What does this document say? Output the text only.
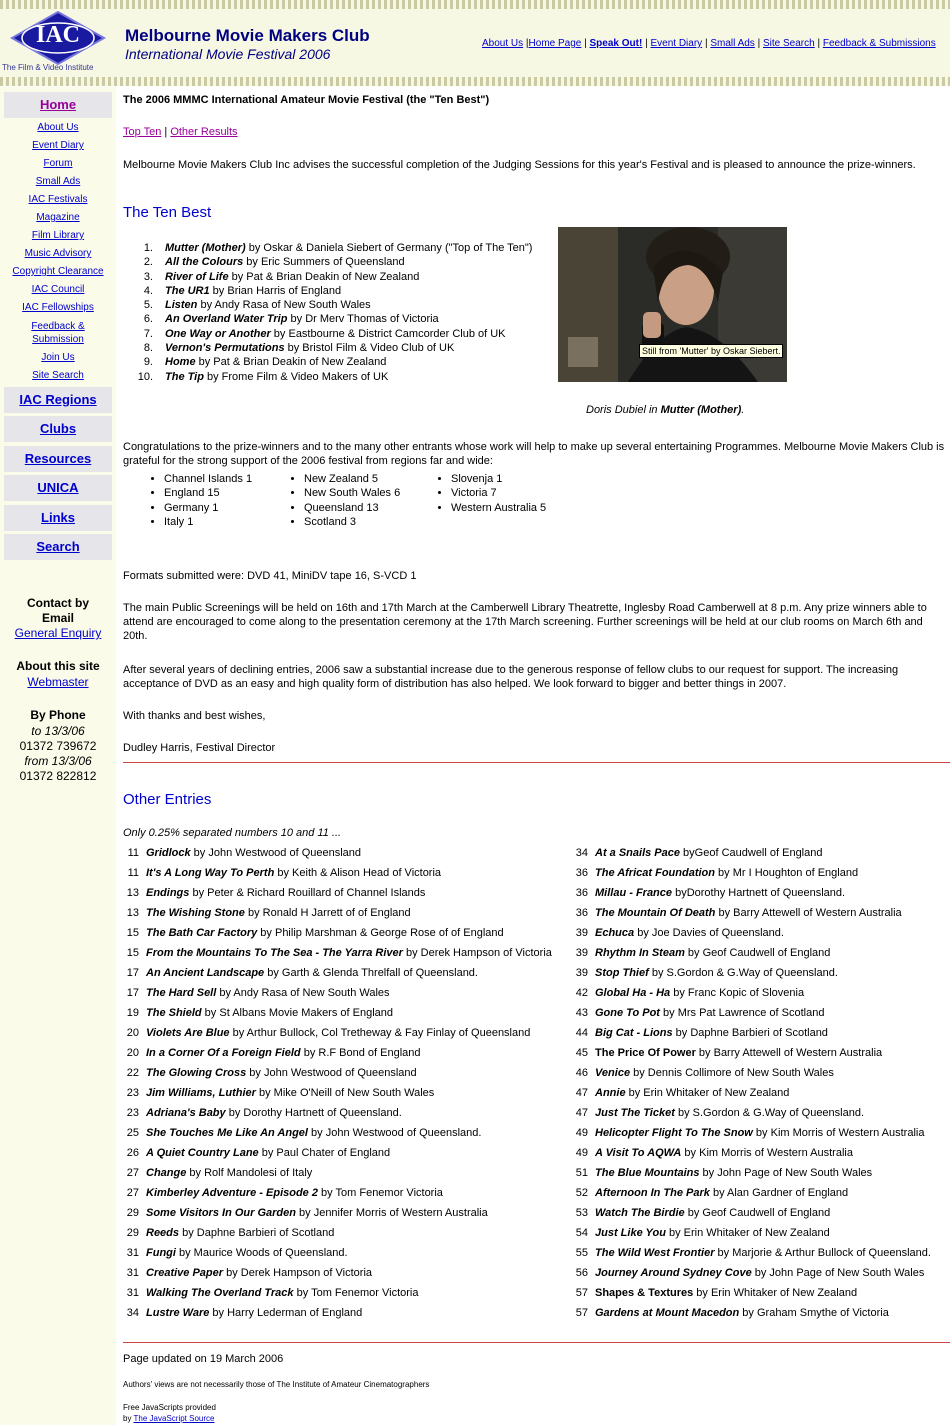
IAC
The Film & Video Institute
Melbourne Movie Makers Club
International Movie Festival 2006
About Us |Home Page | Speak Out! | Event Diary | Small Ads | Site Search | Feedback & Submissions
Home
About Us
Event Diary
Forum
Small Ads
IAC Festivals
Magazine
Film Library
Music Advisory
Copyright Clearance
IAC Council
IAC Fellowships
Feedback &
Submission
Join Us
Site Search
IAC Regions
Clubs
Resources
UNICA
Links
Search
Contact by
Email
General Enquiry
About this site
Webmaster
By Phone
to 13/3/06
01372 739672
from 13/3/06
01372 822812
The 2006 MMMC International Amateur Movie Festival (the "Ten Best")
Top Ten | Other Results
Melbourne Movie Makers Club Inc advises the successful completion of the Judging Sessions for this year's Festival and is pleased to announce the prize-winners.
The Ten Best
1. Mutter (Mother) by Oskar & Daniela Siebert of Germany ("Top of The Ten")
2. All the Colours by Eric Summers of Queensland
3. River of Life by Pat & Brian Deakin of New Zealand
4. The UR1 by Brian Harris of England
5. Listen by Andy Rasa of New South Wales
6. An Overland Water Trip by Dr Merv Thomas of Victoria
7. One Way or Another by Eastbourne & District Camcorder Club of UK
8. Vernon's Permutations by Bristol Film & Video Club of UK
9. Home by Pat & Brian Deakin of New Zealand
10. The Tip by Frome Film & Video Makers of UK
Still from 'Mutter' by Oskar Siebert.
Doris Dubiel in Mutter (Mother).
Congratulations to the prize-winners and to the many other entrants whose work will help to make up several entertaining Programmes. Melbourne Movie Makers Club is grateful for the strong support of the 2006 festival from regions far and wide:
• Channel Islands 1
• England 15
• Germany 1
• Italy 1
• New Zealand 5
• New South Wales 6
• Queensland 13
• Scotland 3
• Slovenja 1
• Victoria 7
• Western Australia 5
Formats submitted were: DVD 41, MiniDV tape 16, S-VCD 1
The main Public Screenings will be held on 16th and 17th March at the Camberwell Library Theatrette, Inglesby Road Camberwell at 8 p.m. Any prize winners able to attend are encouraged to come along to the presentation ceremony at the 17th March screening. Further screenings will be held at our club rooms on March 6th and 20th.
After several years of declining entries, 2006 saw a substantial increase due to the generous response of fellow clubs to our request for support. The increasing acceptance of DVD as an easy and high quality form of distribution has also helped. We look forward to bigger and better things in 2007.
With thanks and best wishes,
Dudley Harris, Festival Director
Other Entries
Only 0.25% separated numbers 10 and 11 ...
11 Gridlock by John Westwood of Queensland
11 It's A Long Way To Perth by Keith & Alison Head of Victoria
13 Endings by Peter & Richard Rouillard of Channel Islands
13 The Wishing Stone by Ronald H Jarrett of of England
15 The Bath Car Factory by Philip Marshman & George Rose of of England
15 From the Mountains To The Sea - The Yarra River by Derek Hampson of Victoria
17 An Ancient Landscape by Garth & Glenda Threlfall of Queensland.
17 The Hard Sell by Andy Rasa of New South Wales
19 The Shield by St Albans Movie Makers of England
20 Violets Are Blue by Arthur Bullock, Col Tretheway & Fay Finlay of Queensland
20 In a Corner Of a Foreign Field by R.F Bond of England
22 The Glowing Cross by John Westwood of Queensland
23 Jim Williams, Luthier by Mike O'Neill of New South Wales
23 Adriana's Baby by Dorothy Hartnett of Queensland.
25 She Touches Me Like An Angel by John Westwood of Queensland.
26 A Quiet Country Lane by Paul Chater of England
27 Change by Rolf Mandolesi of Italy
27 Kimberley Adventure - Episode 2 by Tom Fenemor Victoria
29 Some Visitors In Our Garden by Jennifer Morris of Western Australia
29 Reeds by Daphne Barbieri of Scotland
31 Fungi by Maurice Woods of Queensland.
31 Creative Paper by Derek Hampson of Victoria
31 Walking The Overland Track by Tom Fenemor Victoria
34 Lustre Ware by Harry Lederman of England
34 At a Snails Pace byGeof Caudwell of England
36 The Africat Foundation by Mr I Houghton of England
36 Millau - France byDorothy Hartnett of Queensland.
36 The Mountain Of Death by Barry Attewell of Western Australia
39 Echuca by Joe Davies of Queensland.
39 Rhythm In Steam by Geof Caudwell of England
39 Stop Thief by S.Gordon & G.Way of Queensland.
42 Global Ha - Ha by Franc Kopic of Slovenia
43 Gone To Pot by Mrs Pat Lawrence of Scotland
44 Big Cat - Lions by Daphne Barbieri of Scotland
45 The Price Of Power by Barry Attewell of Western Australia
46 Venice by Dennis Collimore of New South Wales
47 Annie by Erin Whitaker of New Zealand
47 Just The Ticket by S.Gordon & G.Way of Queensland.
49 Helicopter Flight To The Snow by Kim Morris of Western Australia
49 A Visit To AQWA by Kim Morris of Western Australia
51 The Blue Mountains by John Page of New South Wales
52 Afternoon In The Park by Alan Gardner of England
53 Watch The Birdie by Geof Caudwell of England
54 Just Like You by Erin Whitaker of New Zealand
55 The Wild West Frontier by Marjorie & Arthur Bullock of Queensland.
56 Journey Around Sydney Cove by John Page of New South Wales
57 Shapes & Textures by Erin Whitaker of New Zealand
57 Gardens at Mount Macedon by Graham Smythe of Victoria
Page updated on 19 March 2006
Authors' views are not necessarily those of The Institute of Amateur Cinematographers
Free JavaScripts provided
by The JavaScript Source
